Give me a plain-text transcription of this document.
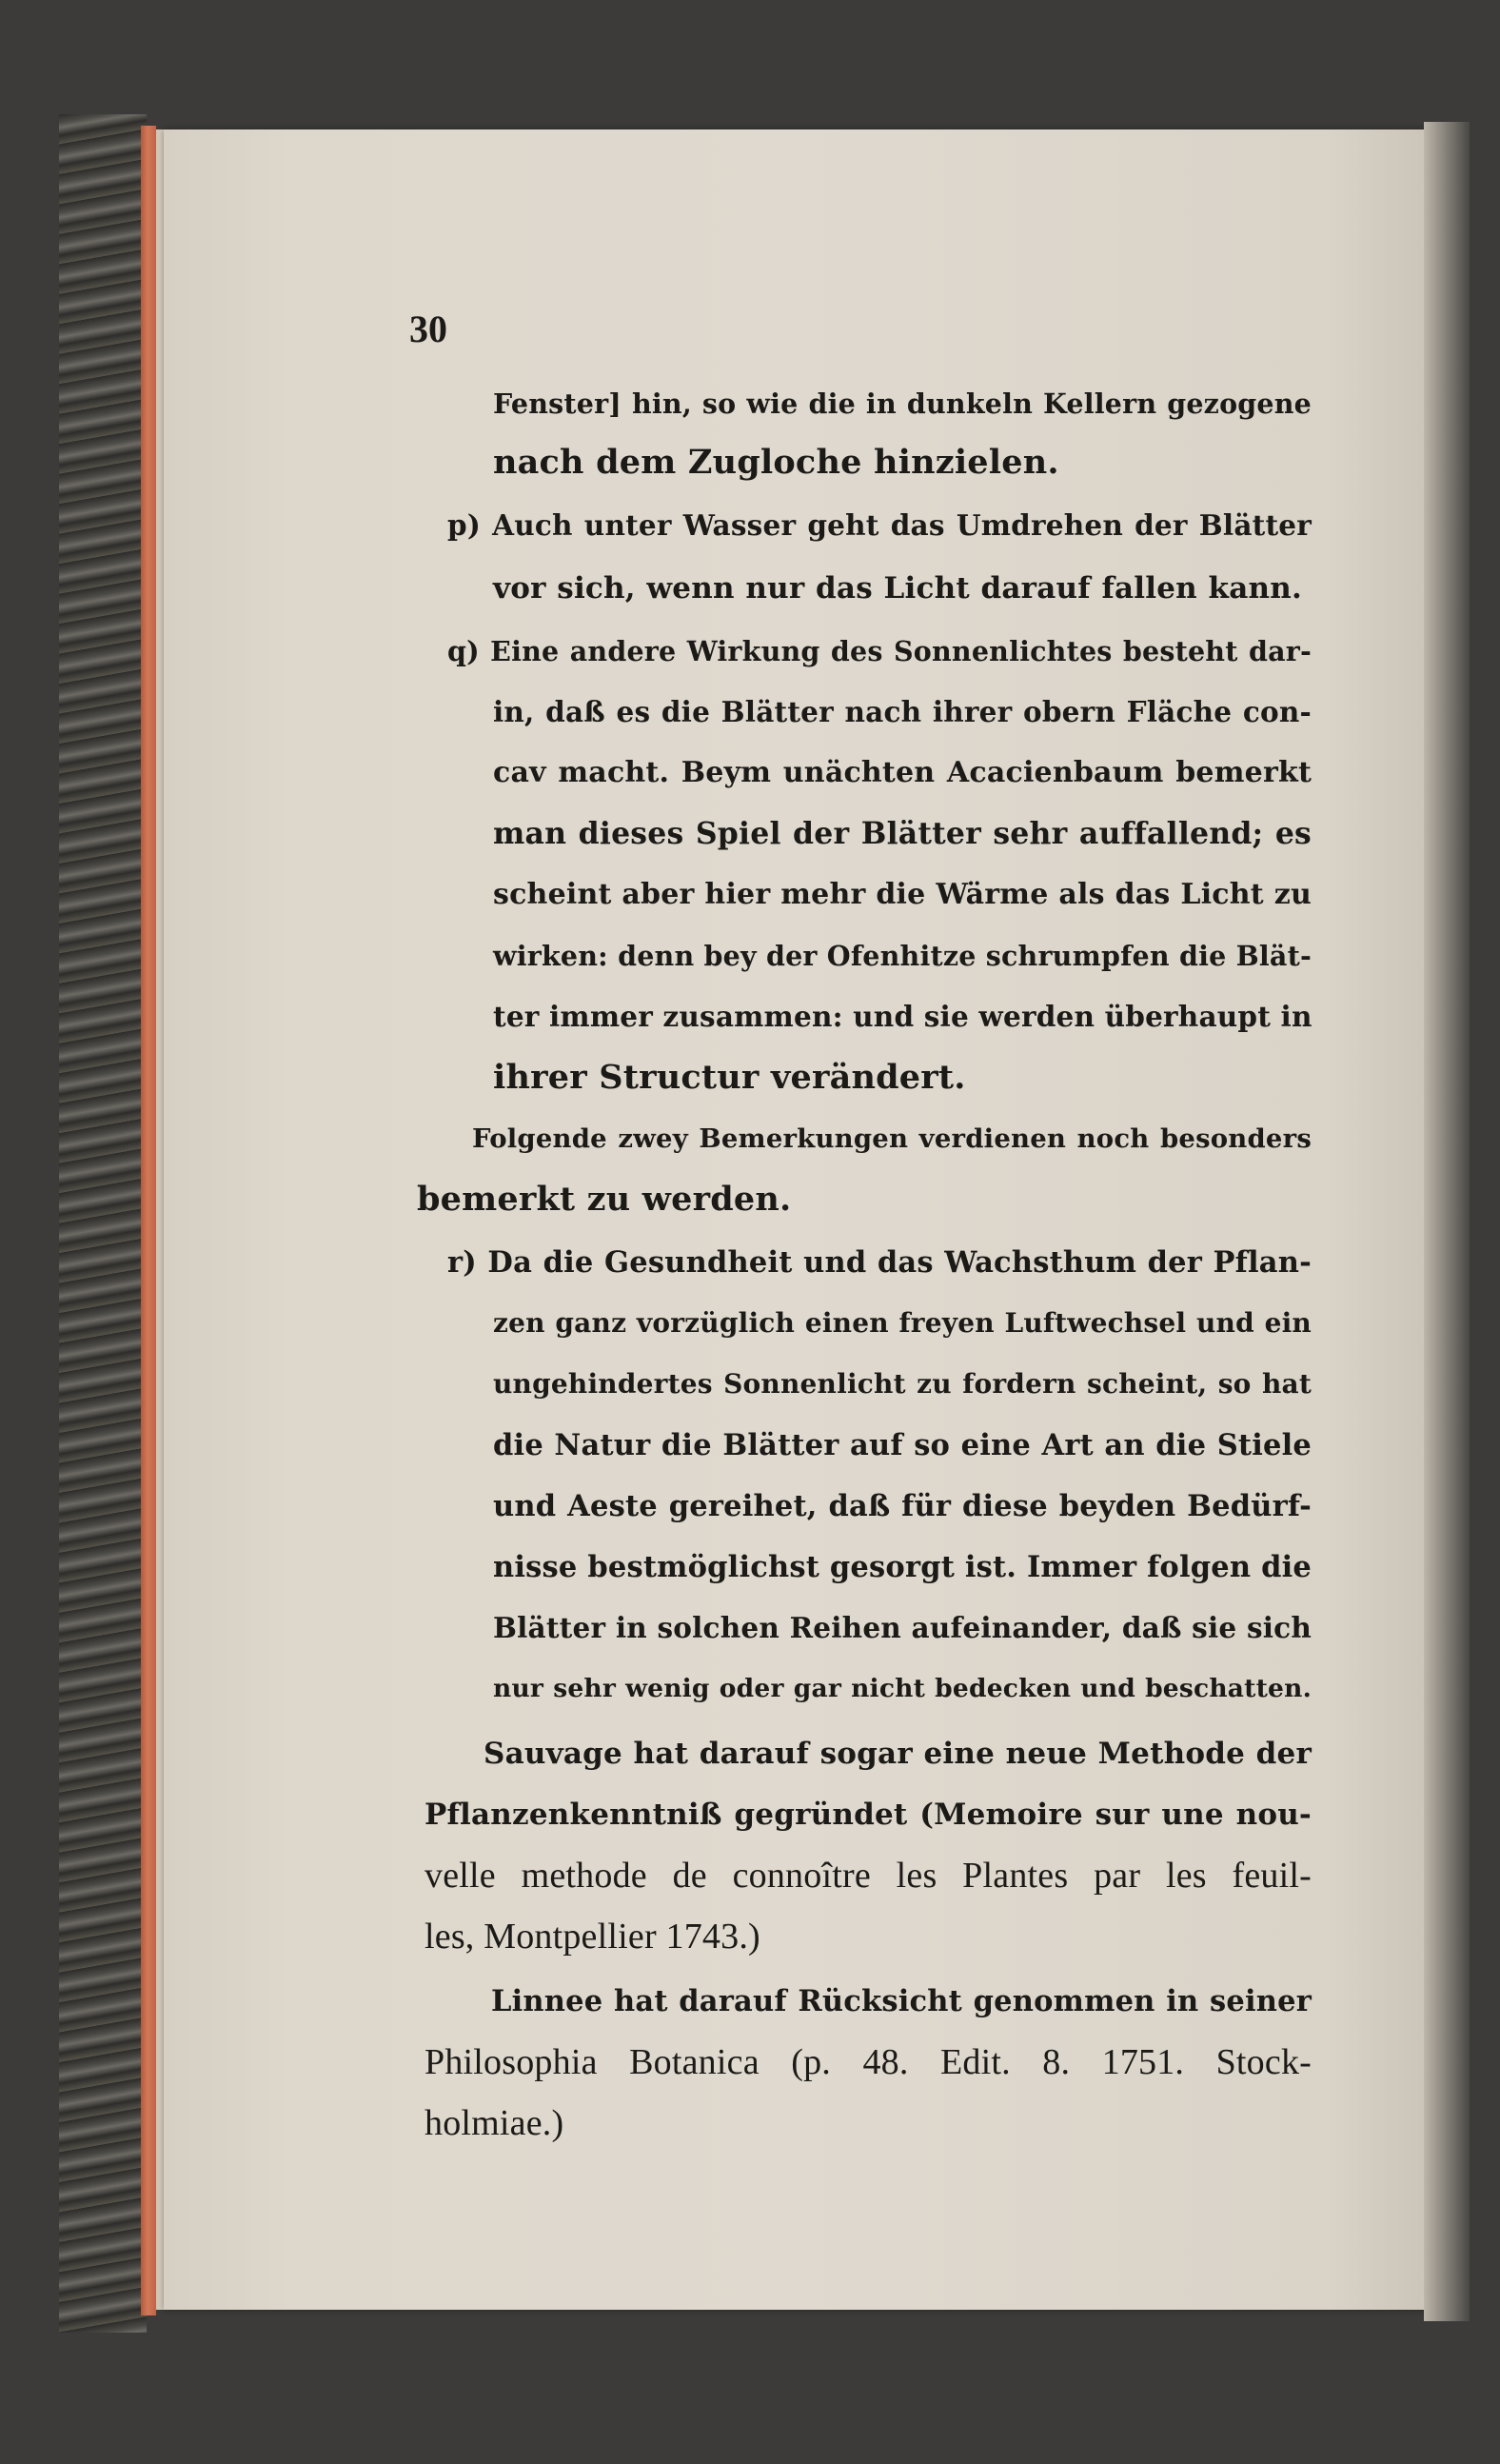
30
Fenster] hin, so wie die in dunkeln Kellern gezogene
nach dem Zugloche hinzielen.
p) Auch unter Wasser geht das Umdrehen der Blätter
vor sich, wenn nur das Licht darauf fallen kann.
q) Eine andere Wirkung des Sonnenlichtes besteht dar-
in, daß es die Blätter nach ihrer obern Fläche con-
cav macht. Beym unächten Acacienbaum bemerkt
man dieses Spiel der Blätter sehr auffallend; es
scheint aber hier mehr die Wärme als das Licht zu
wirken: denn bey der Ofenhitze schrumpfen die Blät-
ter immer zusammen: und sie werden überhaupt in
ihrer Structur verändert.
Folgende zwey Bemerkungen verdienen noch besonders
bemerkt zu werden.
r) Da die Gesundheit und das Wachsthum der Pflan-
zen ganz vorzüglich einen freyen Luftwechsel und ein
ungehindertes Sonnenlicht zu fordern scheint, so hat
die Natur die Blätter auf so eine Art an die Stiele
und Aeste gereihet, daß für diese beyden Bedürf-
nisse bestmöglichst gesorgt ist. Immer folgen die
Blätter in solchen Reihen aufeinander, daß sie sich
nur sehr wenig oder gar nicht bedecken und beschatten.
Sauvage hat darauf sogar eine neue Methode der
Pflanzenkenntniß gegründet (Memoire sur une nou-
velle methode de connoître les Plantes par les feuil-
les, Montpellier 1743.)
Linnee hat darauf Rücksicht genommen in seiner
Philosophia Botanica (p. 48. Edit. 8. 1751. Stock-
holmiae.)
